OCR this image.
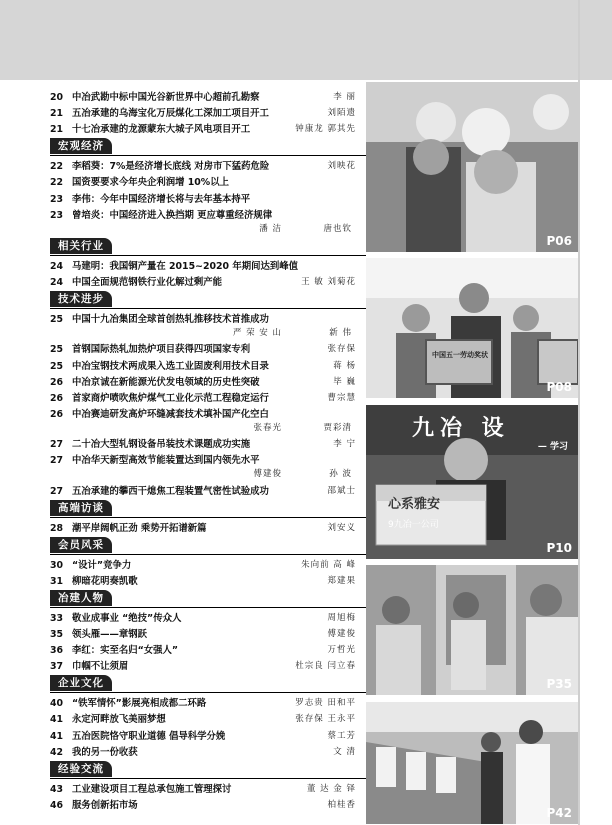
20 中冶武勘中标中国光谷新世界中心超前孔勘察	李 丽
21 五冶承建的乌海宝化万辰煤化工深加工项目开工	刘陌遗
21 十七冶承建的龙源蒙东大城子风电项目开工	钟康龙 郭其先
宏观经济
22 李稻葵：7%是经济增长底线 对房市下猛药危险	刘映花
22 国资要要求今年央企利润增 10%以上
23 李伟：今年中国经济增长将与去年基本持平
23 曾培炎：中国经济进入换挡期 更应尊重经济规律
潘 洁	唐也钦
相关行业
24 马建明：我国铜产量在 2015~2020 年期间达到峰值
24 中国全面规范钢铁行业化解过剩产能	王 敏 刘菊花
技术进步
25 中国十九冶集团全球首创热轧推移技术首推成功
严 荣 安 山	新 伟
25 首钢国际热轧加热炉项目获得四项国家专利	张存保
25 中冶宝钢技术两成果入选工业固废利用技术目录	蒋 杨
26 中冶京诚在新能源光伏发电领域的历史性突破	毕 巍
26 首家商炉喷吹焦炉煤气工业化示范工程稳定运行	曹宗慧
26 中冶赛迪研发高炉环缝减套技术填补国产化空白
张春光	贾彩清
27 二十冶大型轧钢设备吊装技术课题成功实施	李 宁
27 中冶华天新型高效节能装置达到国内领先水平
傅建俊	孙 波
27 五冶承建的攀西干熄焦工程装置气密性试验成功	邵斌士
高端访谈
28 潮平岸阔帆正劲 乘势开拓谱新篇	刘安义
会员风采
30 “设计”竞争力	朱向前 高 峰
31 柳暗花明奏凯歌	郑建果
冶建人物
33 敬业成事业 “绝技”传众人	周旭梅
35 领头雁——章钢跃	傅建俊
36 李红：实至名归“女强人”	万哲光
37 巾帼不让须眉	杜宗良 闫立春
企业文化
40 “铁军情怀”影展亮相成都二环路	罗志贵 田和平
41 永定河畔放飞美丽梦想	张存保 王永平
41 五冶医院恪守职业道德 倡导科学分娩	蔡工芳
42 我的另一份收获	文 清
经验交流
43 工业建设项目工程总承包施工管理探讨	董 达 金 铎
46 服务创新拓市场	柏桂香
P06
中国五一劳动奖状
P08
九冶 设
— 学习
心系雅安
9九冶一公司
P10
P35
P42
